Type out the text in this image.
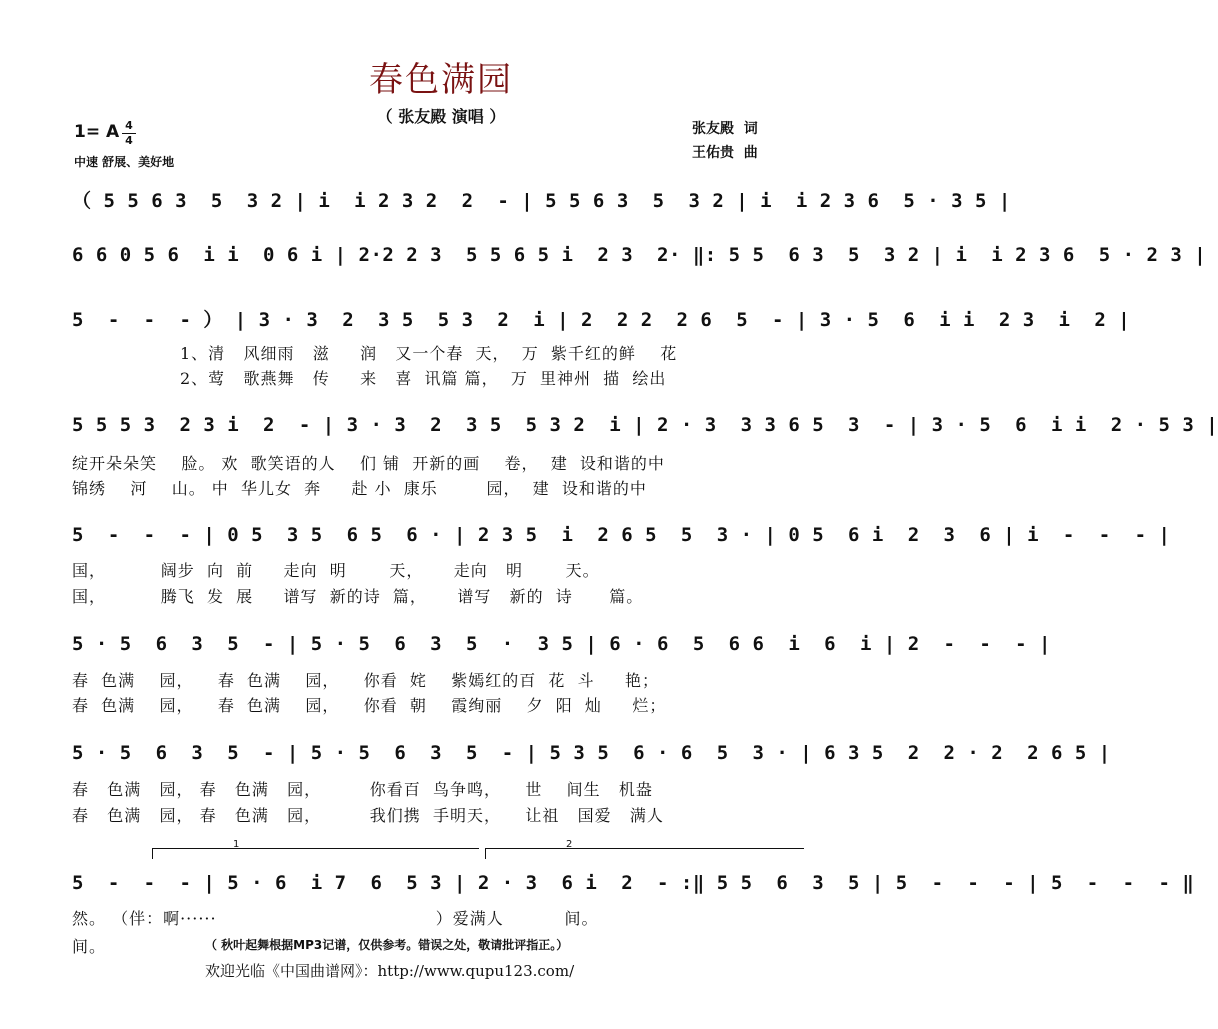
春色满园
（ 张友殿 演唱 ）
1= A 4
4
中速 舒展、美好地
张友殿  词
王佑贵  曲
（ 5 5 6 3  5  3 2 | i  i 2 3 2  2  - | 5 5 6 3  5  3 2 | i  i 2 3 6  5 · 3 5 |
6 6 0 5 6  i i  0 6 i | 2·2 2 3  5 5 6 5 i  2 3  2· ‖: 5 5  6 3  5  3 2 | i  i 2 3 6  5 · 2 3 |
5  -  -  - ） | 3 · 3  2  3 5  5 3  2  i | 2  2 2  2 6  5  - | 3 · 5  6  i i  2 3  i  2 |
1、清   风细雨   滋     润   又一个春  天，  万  紫千红的鲜    花
2、莺   歌燕舞   传     来   喜  讯篇 篇，  万  里神州  描  绘出
5 5 5 3  2 3 i  2  - | 3 · 3  2  3 5  5 3 2  i | 2 · 3  3 3 6 5  3  - | 3 · 5  6  i i  2 · 5 3 |
绽开朵朵笑    脸。 欢  歌笑语的人    们 铺  开新的画    卷，  建  设和谐的中
锦绣    河    山。 中  华儿女  奔     赴 小  康乐        园，  建  设和谐的中
5  -  -  - | 0 5  3 5  6 5  6 · | 2 3 5  i  2 6 5  5  3 · | 0 5  6 i  2  3  6 | i  -  -  - |
国，         阔步  向  前     走向  明       天，     走向   明       天。
国，         腾飞  发  展     谱写  新的诗  篇，     谱写   新的  诗      篇。
5 · 5  6  3  5  - | 5 · 5  6  3  5  ·  3 5 | 6 · 6  5  6 6  i  6  i | 2  -  -  - |
春  色满    园，    春  色满    园，    你看  姹    紫嫣红的百  花  斗     艳；
春  色满    园，    春  色满    园，    你看  朝    霞绚丽    夕  阳  灿     烂；
5 · 5  6  3  5  - | 5 · 5  6  3  5  - | 5 3 5  6 · 6  5  3 · | 6 3 5  2  2 · 2  2 6 5 |
春   色满   园， 春   色满   园，        你看百  鸟争鸣，    世    间生   机盎
春   色满   园， 春   色满   园，        我们携  手明天，    让祖   国爱   满人
1	2
5  -  -  - | 5 · 6  i 7  6  5 3 | 2 · 3  6 i  2  - :‖ 5 5  6  3  5 | 5  -  -  - | 5  -  -  - ‖
然。 （伴：啊······                                    ）爱满人          间。
间。	（ 秋叶起舞根据MP3记谱，仅供参考。错误之处，敬请批评指正。）
欢迎光临《中国曲谱网》：http://www.qupu123.com/
